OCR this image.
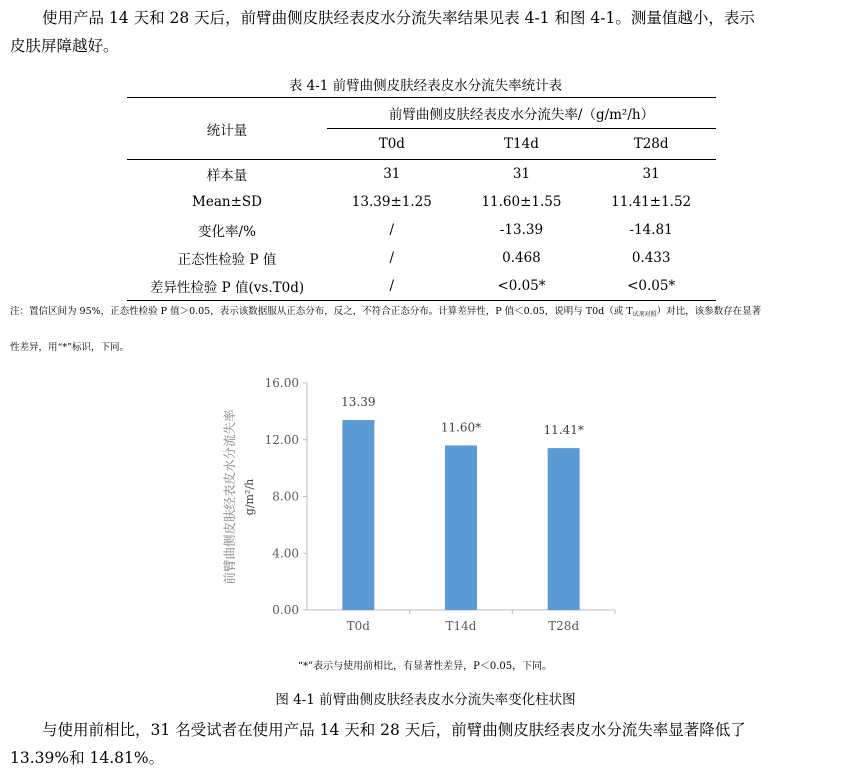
使用产品 14 天和 28 天后，前臂曲侧皮肤经表皮水分流失率结果见表 4-1 和图 4-1。测量值越小，表示
皮肤屏障越好。

表 4-1 前臂曲侧皮肤经表皮水分流失率统计表

统计量	前臂曲侧皮肤经表皮水分流失率/（g/m²/h）		
	T0d	T14d	T28d
样本量	31	31	31
Mean±SD	13.39±1.25	11.60±1.55	11.41±1.52
变化率/%	/	-13.39	-14.81
正态性检验 P 值	/	0.468	0.433
差异性检验 P 值(vs.T0d)	/	<0.05*	<0.05*

注：置信区间为 95%，正态性检验 P 值＞0.05，表示该数据服从正态分布，反之，不符合正态分布。计算差异性，P 值＜0.05，说明与 T0d（或 $T_{试剂对照}$）对比，该参数存在显著

性差异，用“*”标识，下同。

0.00
4.00
8.00
12.00
16.00
13.39
T0d
11.60*
T14d
11.41*
T28d
前臂曲侧皮肤经表皮水分流失率 g/m²/h
“*”表示与使用前相比，有显著性差异，P＜0.05，下同。

图 4-1 前臂曲侧皮肤经表皮水分流失率变化柱状图

与使用前相比，31 名受试者在使用产品 14 天和 28 天后，前臂曲侧皮肤经表皮水分流失率显著降低了
13.39%和 14.81%。
